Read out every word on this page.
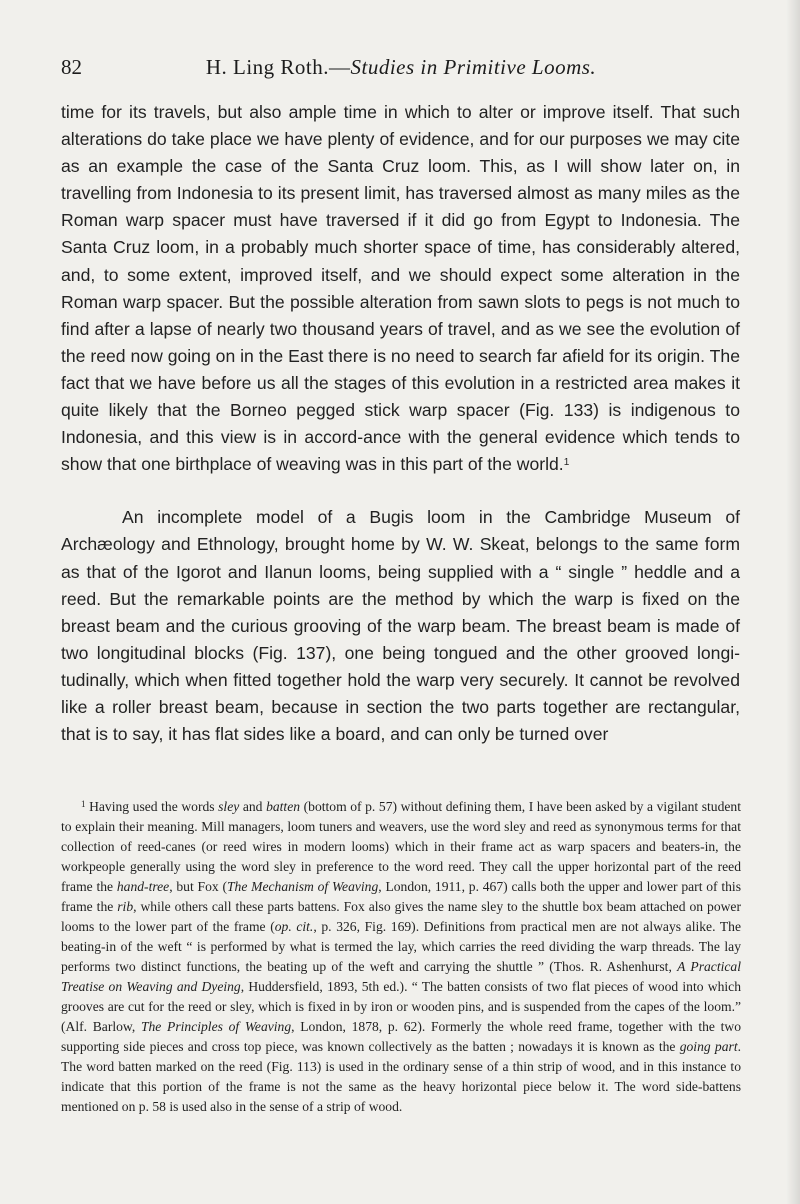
82	H. Ling Roth.—Studies in Primitive Looms.

time for its travels, but also ample time in which to alter or improve itself. That such alterations do take place we have plenty of evidence, and for our purposes we may cite as an example the case of the Santa Cruz loom. This, as I will show later on, in travelling from Indonesia to its present limit, has traversed almost as many miles as the Roman warp spacer must have traversed if it did go from Egypt to Indonesia. The Santa Cruz loom, in a probably much shorter space of time, has considerably altered, and, to some extent, improved itself, and we should expect some alteration in the Roman warp spacer. But the possible alteration from sawn slots to pegs is not much to find after a lapse of nearly two thousand years of travel, and as we see the evolution of the reed now going on in the East there is no need to search far afield for its origin. The fact that we have before us all the stages of this evolution in a restricted area makes it quite likely that the Borneo pegged stick warp spacer (Fig. 133) is indigenous to Indonesia, and this view is in accord-ance with the general evidence which tends to show that one birthplace of weaving was in this part of the world.$^1$

An incomplete model of a Bugis loom in the Cambridge Museum of Archæology and Ethnology, brought home by W. W. Skeat, belongs to the same form as that of the Igorot and Ilanun looms, being supplied with a “ single ” heddle and a reed. But the remarkable points are the method by which the warp is fixed on the breast beam and the curious grooving of the warp beam. The breast beam is made of two longitudinal blocks (Fig. 137), one being tongued and the other grooved longi-tudinally, which when fitted together hold the warp very securely. It cannot be revolved like a roller breast beam, because in section the two parts together are rectangular, that is to say, it has flat sides like a board, and can only be turned over

$^1$ Having used the words sley and batten (bottom of p. 57) without defining them, I have been asked by a vigilant student to explain their meaning. Mill managers, loom tuners and weavers, use the word sley and reed as synonymous terms for that collection of reed-canes (or reed wires in modern looms) which in their frame act as warp spacers and beaters-in, the workpeople generally using the word sley in preference to the word reed. They call the upper horizontal part of the reed frame the hand-tree, but Fox (The Mechanism of Weaving, London, 1911, p. 467) calls both the upper and lower part of this frame the rib, while others call these parts battens. Fox also gives the name sley to the shuttle box beam attached on power looms to the lower part of the frame (op. cit., p. 326, Fig. 169). Definitions from practical men are not always alike. The beating-in of the weft “ is performed by what is termed the lay, which carries the reed dividing the warp threads. The lay performs two distinct functions, the beating up of the weft and carrying the shuttle ” (Thos. R. Ashenhurst, A Practical Treatise on Weaving and Dyeing, Huddersfield, 1893, 5th ed.). “ The batten consists of two flat pieces of wood into which grooves are cut for the reed or sley, which is fixed in by iron or wooden pins, and is suspended from the capes of the loom.” (Alf. Barlow, The Principles of Weaving, London, 1878, p. 62). Formerly the whole reed frame, together with the two supporting side pieces and cross top piece, was known collectively as the batten ; nowadays it is known as the going part. The word batten marked on the reed (Fig. 113) is used in the ordinary sense of a thin strip of wood, and in this instance to indicate that this portion of the frame is not the same as the heavy horizontal piece below it. The word side-battens mentioned on p. 58 is used also in the sense of a strip of wood.
